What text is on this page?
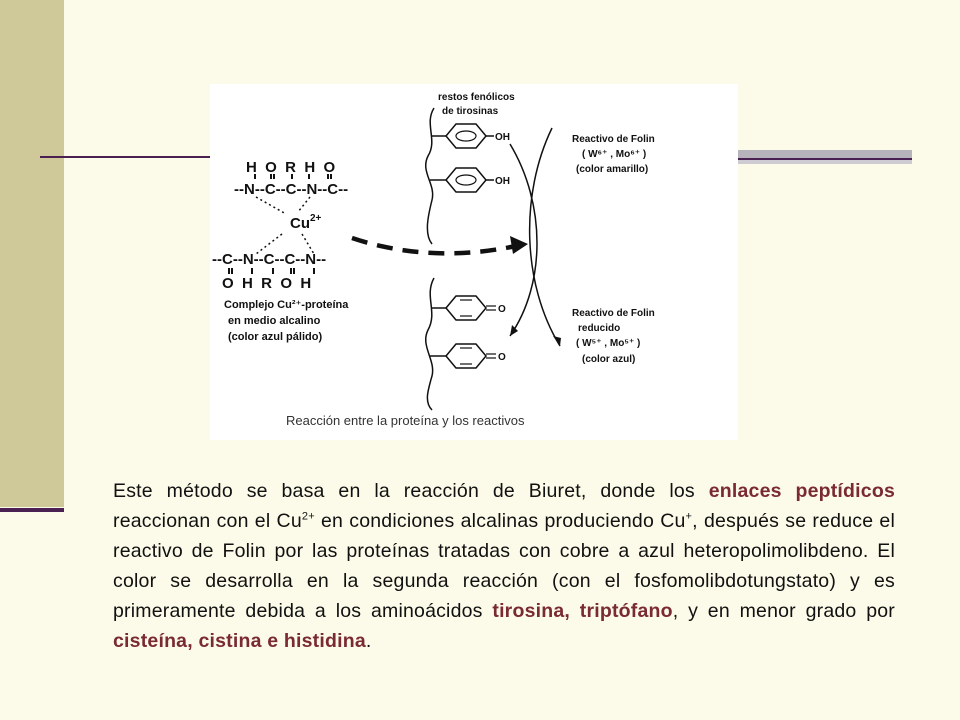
H  O  R  H  O
--N--C--C--N--C--
$Cu^{2+}$
--C--N--C--C--N--
O  H  R  O  H
Complejo Cu²⁺-proteína
en medio alcalino
(color azul pálido)
restos fenólicos
de tirosinas
OH
OH
O
O
Reactivo de Folin
( W⁶⁺ , Mo⁶⁺ )
(color amarillo)
Reactivo de Folin
reducido
( W⁵⁺ , Mo⁵⁺ )
(color azul)
Reacción entre la proteína y los reactivos
Este método se basa en la reacción de Biuret, donde los enlaces peptídicos reaccionan con el $Cu^{2+}$ en condiciones alcalinas produciendo Cu+, después se reduce el reactivo de Folin por las proteínas tratadas con cobre a azul heteropolimolibdeno. El color se desarrolla en la segunda reacción (con el fosfomolibdotungstato) y es primeramente debida a los aminoácidos tirosina, triptófano, y en menor grado por cisteína, cistina e histidina.
